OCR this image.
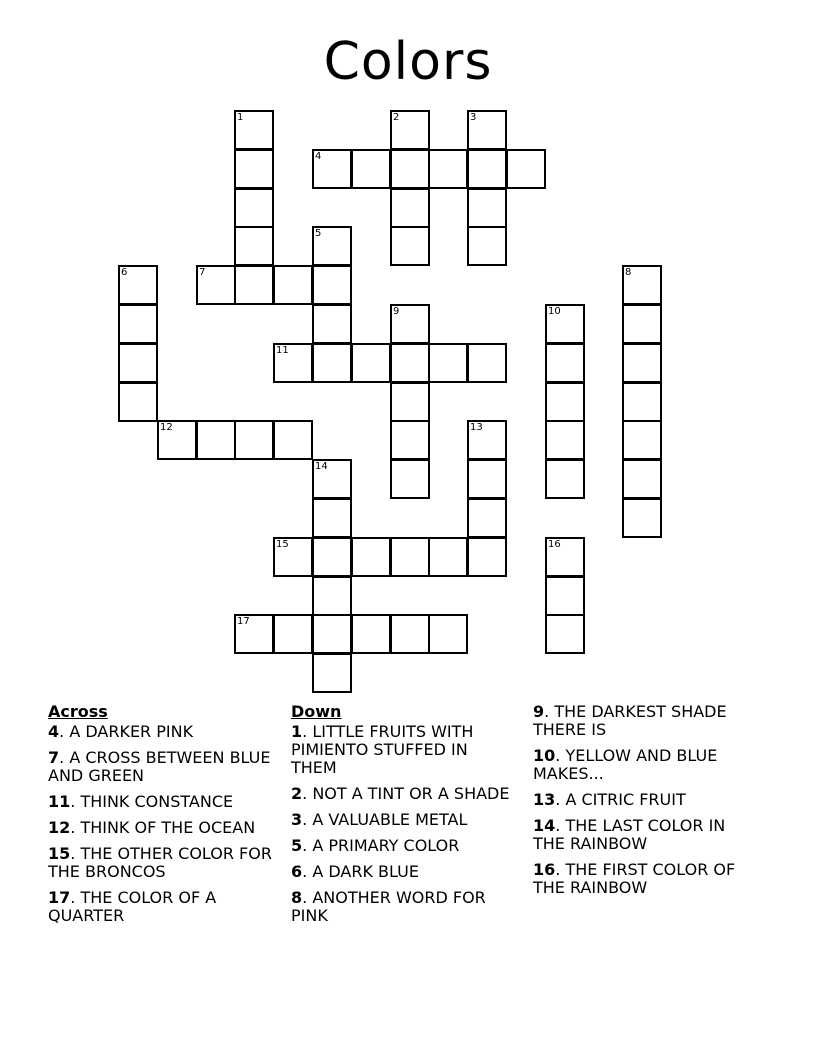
Colors
1	2	3
4
5
6	7	8
9	10
11
12	13
14
15	16
17
Across
4. A DARKER PINK
7. A CROSS BETWEEN BLUE AND GREEN
11. THINK CONSTANCE
12. THINK OF THE OCEAN
15. THE OTHER COLOR FOR THE BRONCOS
17. THE COLOR OF A QUARTER
Down
1. LITTLE FRUITS WITH PIMIENTO STUFFED IN THEM
2. NOT A TINT OR A SHADE
3. A VALUABLE METAL
5. A PRIMARY COLOR
6. A DARK BLUE
8. ANOTHER WORD FOR PINK
9. THE DARKEST SHADE THERE IS
10. YELLOW AND BLUE MAKES...
13. A CITRIC FRUIT
14. THE LAST COLOR IN THE RAINBOW
16. THE FIRST COLOR OF THE RAINBOW
